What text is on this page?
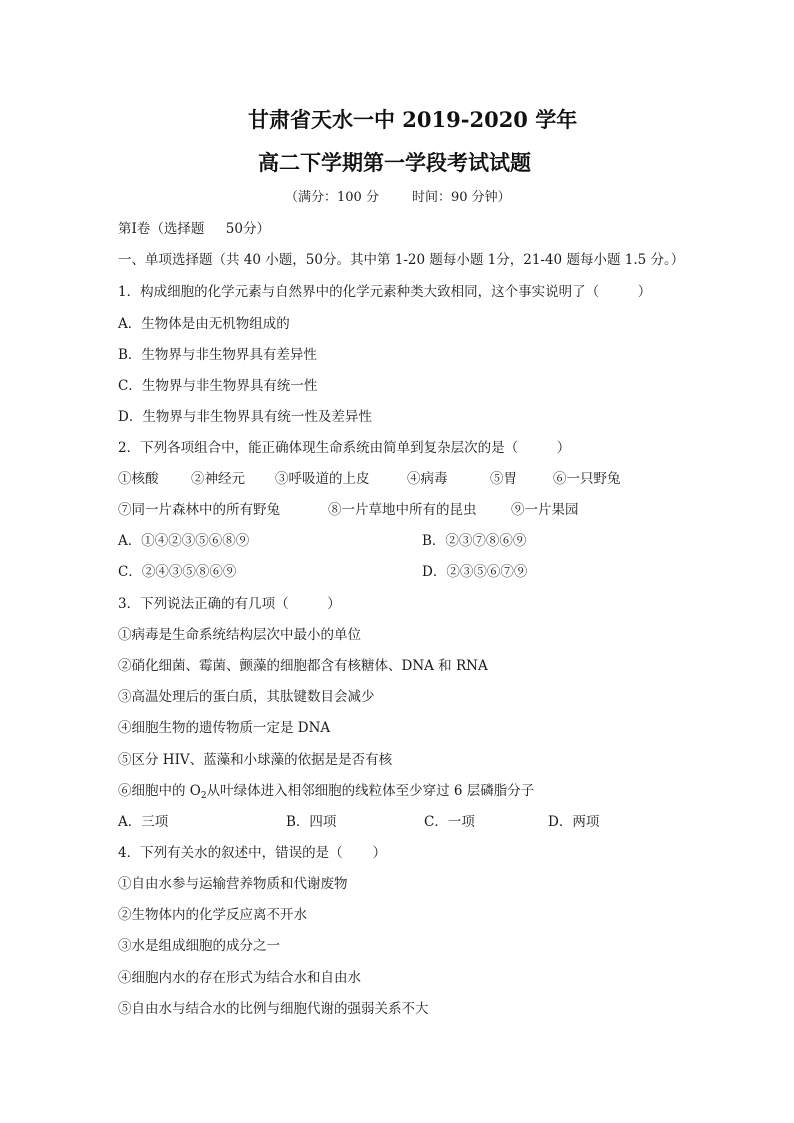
甘肃省天水一中 2019-2020 学年
高二下学期第一学段考试试题
（满分：100 分        时间：90 分钟）
第Ⅰ卷（选择题     50分）
一、单项选择题（共 40 小题，50分。其中第 1-20 题每小题 1分，21-40 题每小题 1.5 分。）
1．构成细胞的化学元素与自然界中的化学元素种类大致相同，这个事实说明了（         ）
A．生物体是由无机物组成的
B．生物界与非生物界具有差异性
C．生物界与非生物界具有统一性
D．生物界与非生物界具有统一性及差异性
2．下列各项组合中，能正确体现生命系统由简单到复杂层次的是（         ）
①核酸 ②神经元 ③呼吸道的上皮	④病毒	⑤胃	⑥一只野兔
⑦同一片森林中的所有野兔	⑧一片草地中所有的昆虫	⑨一片果园
A．①④②③⑤⑥⑧⑨	B．②③⑦⑧⑥⑨
C．②④③⑤⑧⑥⑨	D．②③⑤⑥⑦⑨
3．下列说法正确的有几项（         ）
①病毒是生命系统结构层次中最小的单位
②硝化细菌、霉菌、颤藻的细胞都含有核糖体、DNA 和 RNA
③高温处理后的蛋白质，其肽键数目会减少
④细胞生物的遗传物质一定是 DNA
⑤区分 HIV、蓝藻和小球藻的依据是是否有核
⑥细胞中的 $O_2$从叶绿体进入相邻细胞的线粒体至少穿过 6 层磷脂分子
A．三项	B．四项	C．一项	D．两项
4．下列有关水的叙述中，错误的是（       ）
①自由水参与运输营养物质和代谢废物
②生物体内的化学反应离不开水
③水是组成细胞的成分之一
④细胞内水的存在形式为结合水和自由水
⑤自由水与结合水的比例与细胞代谢的强弱关系不大
